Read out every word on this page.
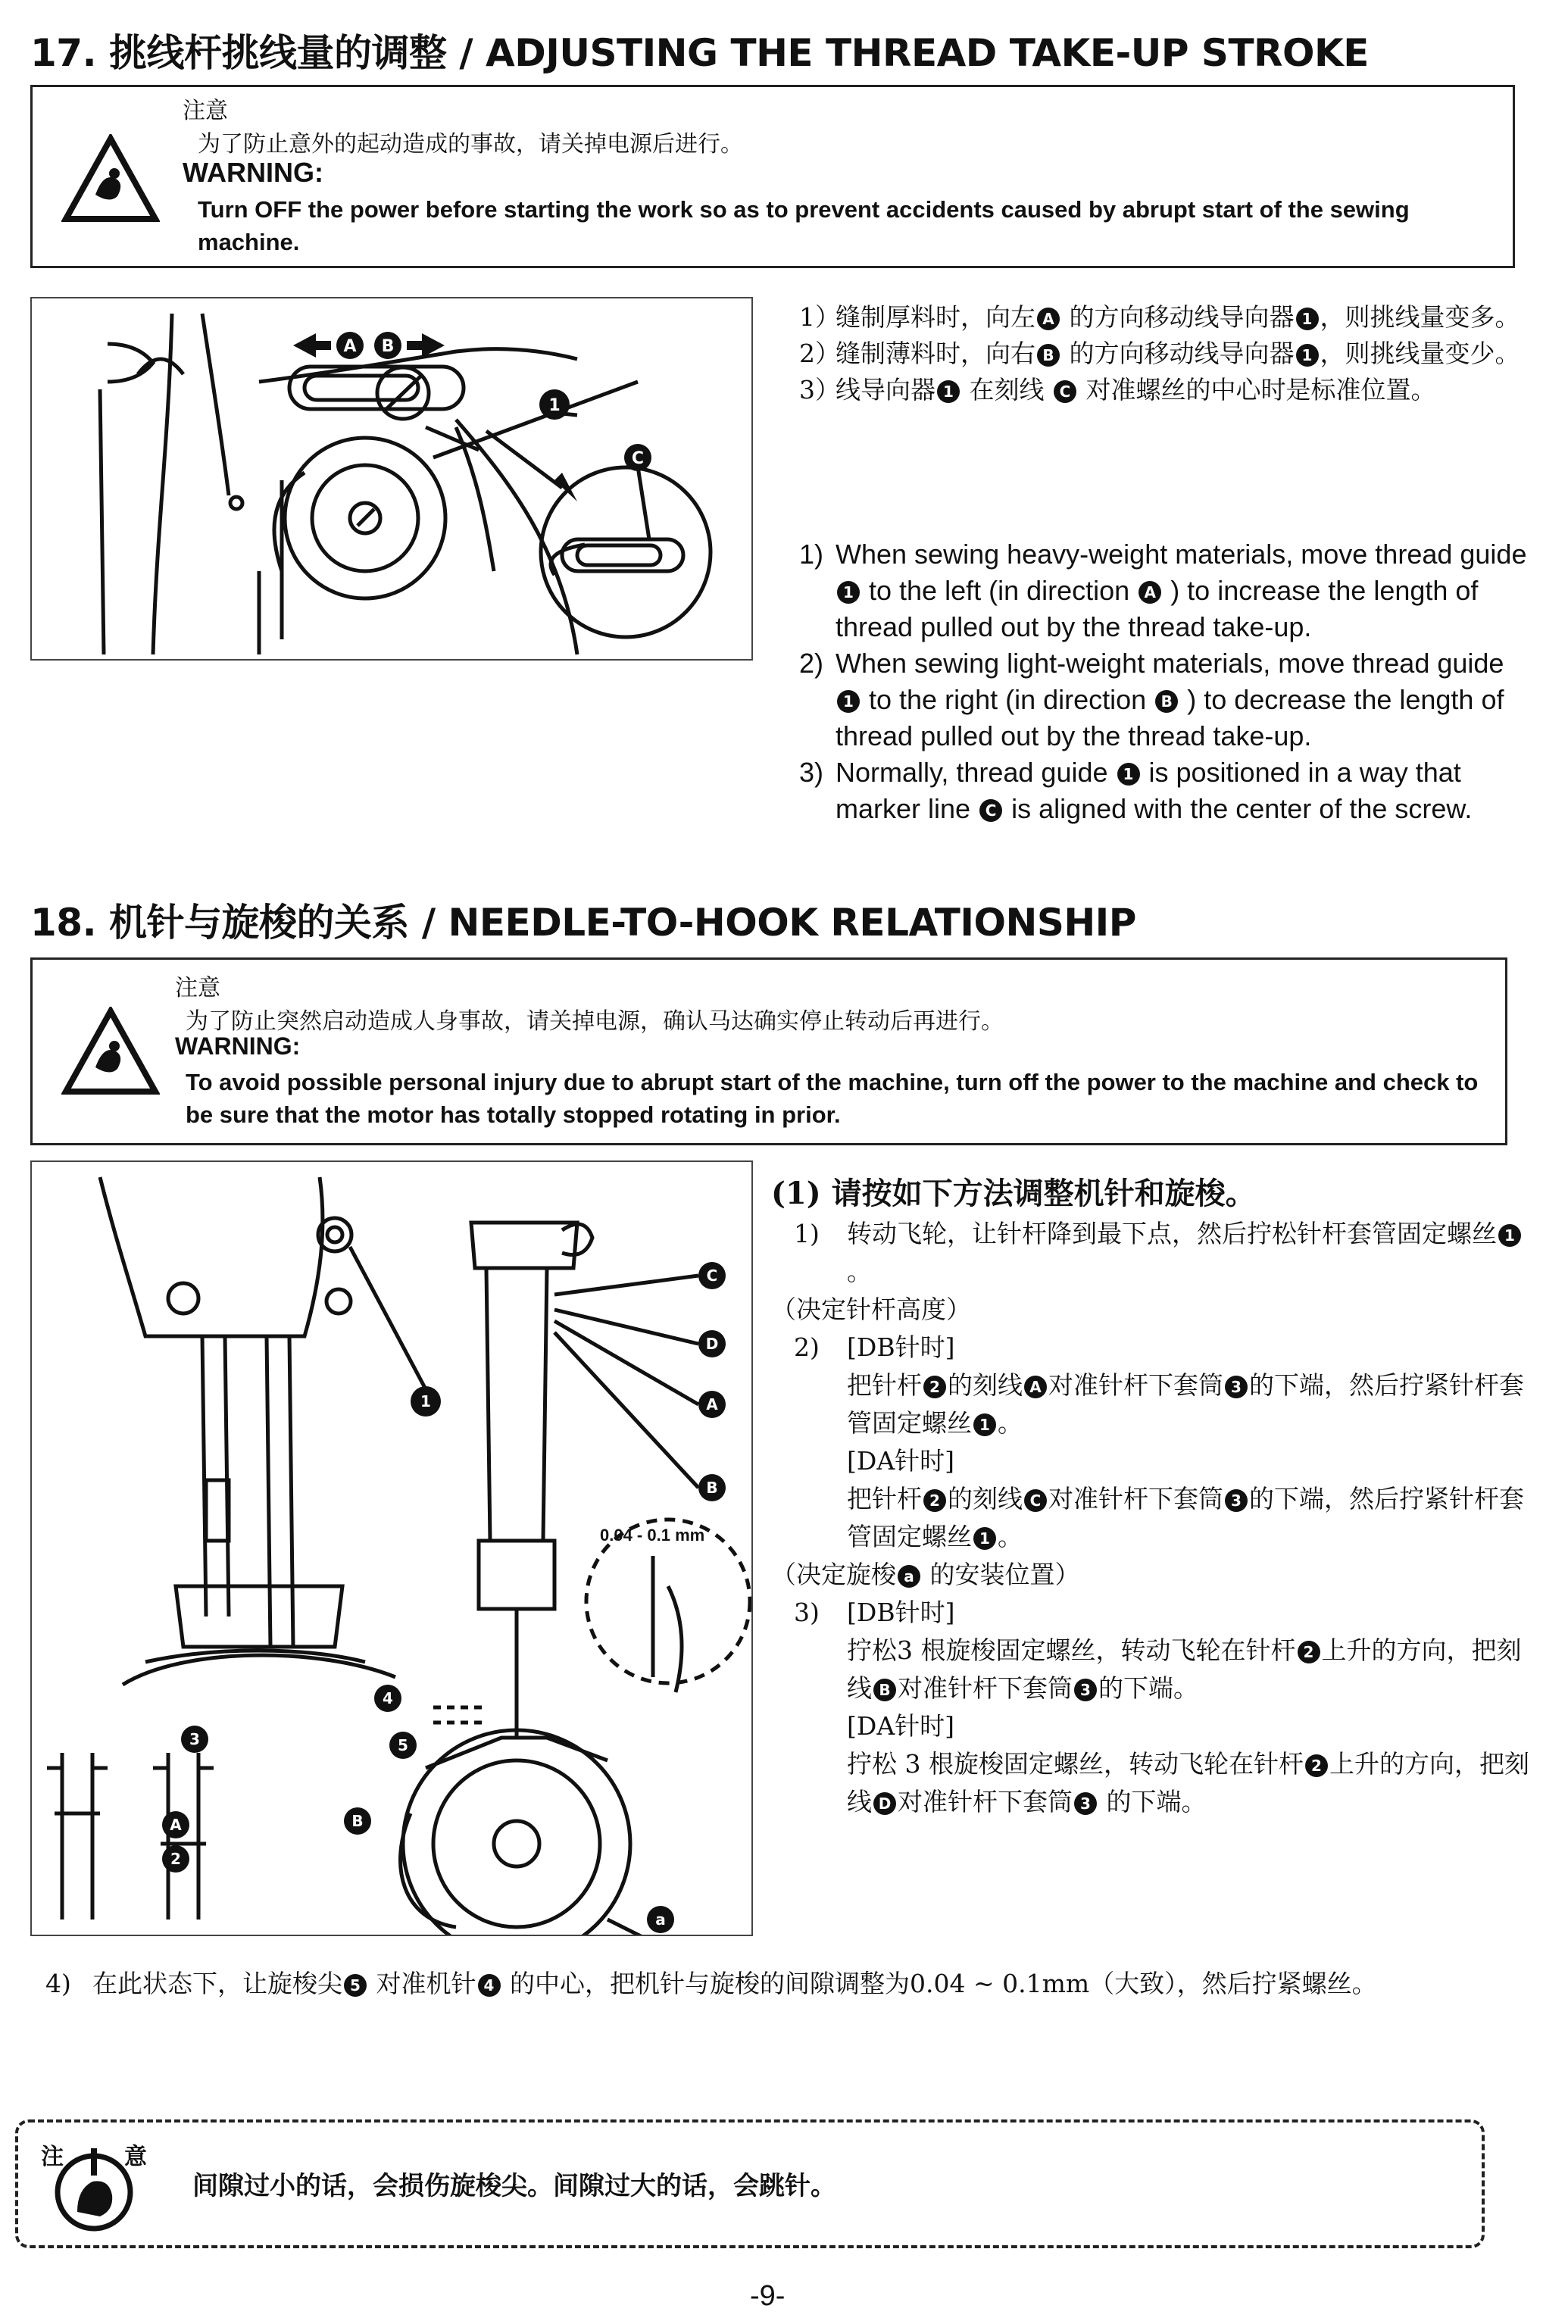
17. 挑线杆挑线量的调整 / ADJUSTING THE THREAD TAKE-UP STROKE
注意
为了防止意外的起动造成的事故，请关掉电源后进行。
WARNING:
Turn OFF the power before starting the work so as to prevent accidents caused by abrupt start of the sewing machine.
A B
1
C
1）
缝制厚料时，向左 A 的方向移动线导向器 1 ，则挑线量变多。
2）
缝制薄料时，向右 B 的方向移动线导向器 1 ，则挑线量变少。
3）
线导向器 1 在刻线 C 对准螺丝的中心时是标准位置。
1) When sewing heavy-weight materials, move thread guide 1 to the left (in direction A ) to increase the length of thread pulled out by the thread take-up.
2) When sewing light-weight materials, move thread guide 1 to the right (in direction B ) to decrease the length of thread pulled out by the thread take-up.
3) Normally, thread guide 1 is positioned in a way that marker line C is aligned with the center of the screw.
18. 机针与旋梭的关系 / NEEDLE-TO-HOOK RELATIONSHIP
注意
为了防止突然启动造成人身事故，请关掉电源，确认马达确实停止转动后再进行。
WARNING:
To avoid possible personal injury due to abrupt start of the machine, turn off the power to the machine and check to be sure that the motor has totally stopped rotating in prior.
C
D
A
B
1
4
5
3
A
2
B
a
0.04 - 0.1 mm
(1) 请按如下方法调整机针和旋梭。
1) 转动飞轮，让针杆降到最下点，然后拧松针杆套管固定螺丝 1。
（决定针杆高度）
2) [DB针时]
把针杆 2 的刻线 A 对准针杆下套筒 3 的下端，然后拧紧针杆套管固定螺丝 1 。
[DA针时]
把针杆 2 的刻线 C 对准针杆下套筒 3 的下端，然后拧紧针杆套管固定螺丝 1 。
（决定旋梭 a 的安装位置）
3) [DB针时]
拧松3 根旋梭固定螺丝，转动飞轮在针杆 2 上升的方向，把刻线 B 对准针杆下套筒 3 的下端。
[DA针时]
拧松 3 根旋梭固定螺丝，转动飞轮在针杆 2 上升的方向，把刻线 D 对准针杆下套筒 3 的下端。
4) 在此状态下，让旋梭尖 5 对准机针 4 的中心，把机针与旋梭的间隙调整为0.04 ~ 0.1mm（大致），然后拧紧螺丝。
注	意
间隙过小的话，会损伤旋梭尖。间隙过大的话，会跳针。
-9-
